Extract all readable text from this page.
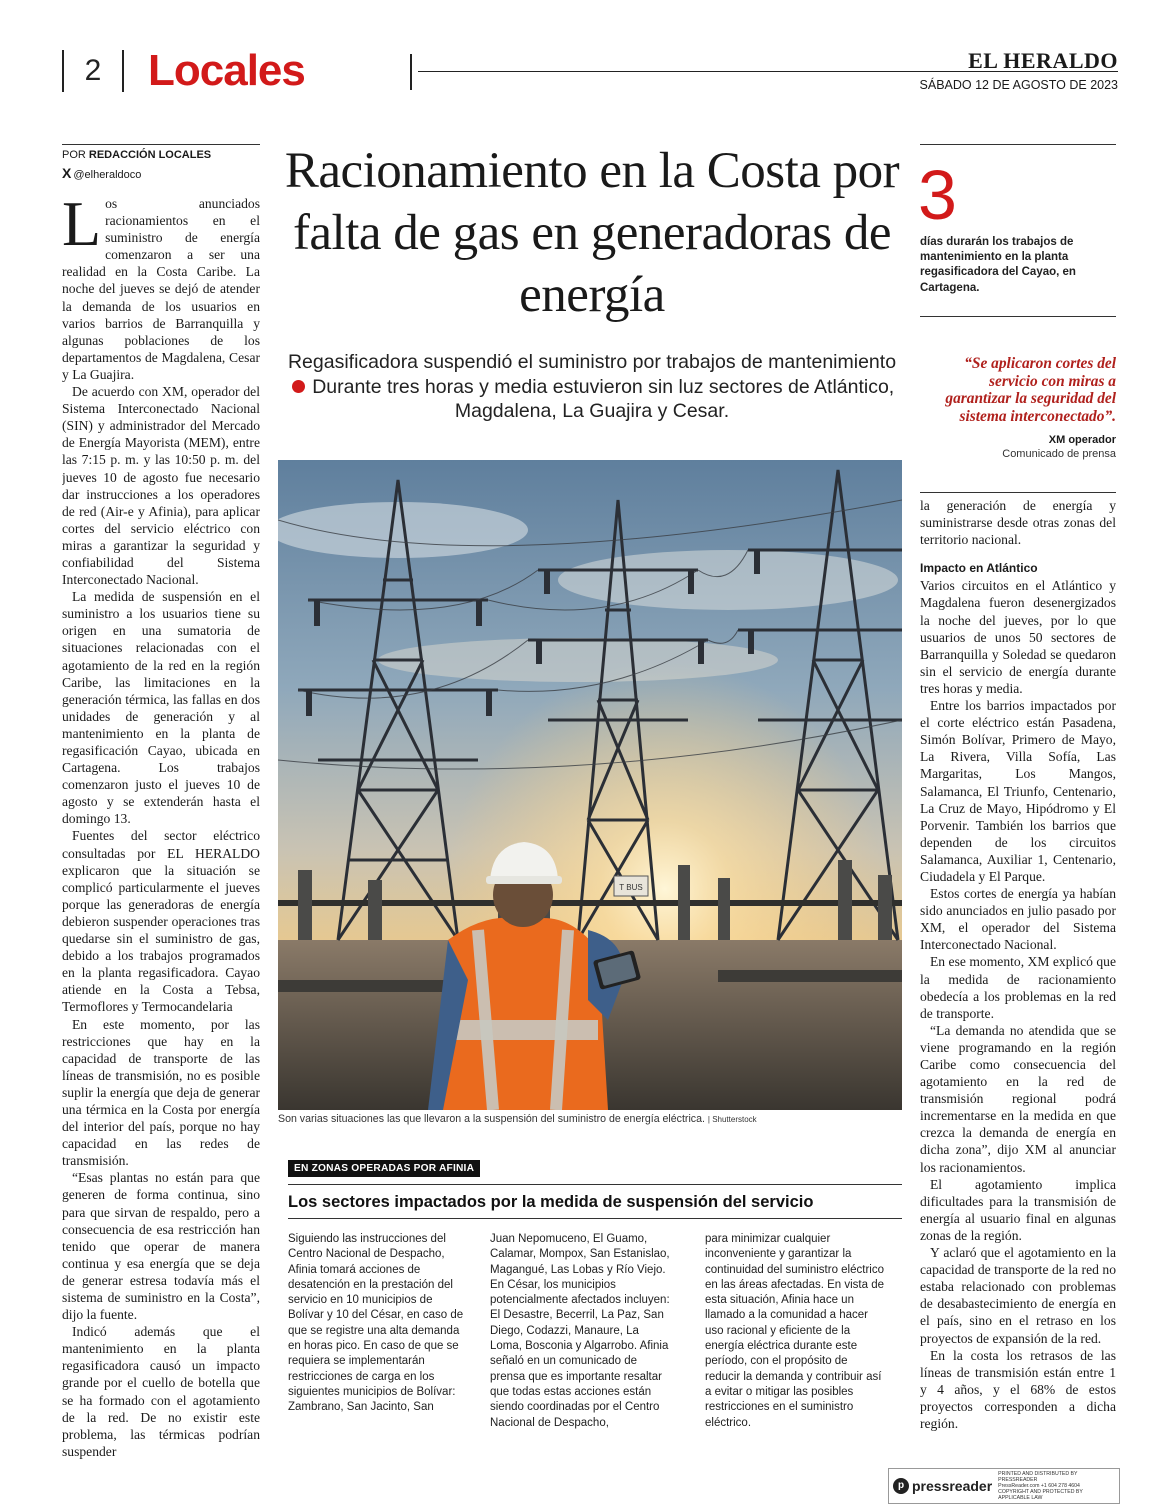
2	Locales	EL HERALDO
SÁBADO 12 DE AGOSTO DE 2023
POR REDACCIÓN LOCALES
X @elheraldoco

Los anunciados racionamientos en el suministro de energía comenzaron a ser una realidad en la Costa Caribe. La noche del jueves se dejó de atender la demanda de los usuarios en varios barrios de Barranquilla y algunas poblaciones de los departamentos de Magdalena, Cesar y La Guajira.

De acuerdo con XM, operador del Sistema Interconectado Nacional (SIN) y administrador del Mercado de Energía Mayorista (MEM), entre las 7:15 p. m. y las 10:50 p. m. del jueves 10 de agosto fue necesario dar instrucciones a los operadores de red (Air-e y Afinia), para aplicar cortes del servicio eléctrico con miras a garantizar la seguridad y confiabilidad del Sistema Interconectado Nacional.

La medida de suspensión en el suministro a los usuarios tiene su origen en una sumatoria de situaciones relacionadas con el agotamiento de la red en la región Caribe, las limitaciones en la generación térmica, las fallas en dos unidades de generación y al mantenimiento en la planta de regasificación Cayao, ubicada en Cartagena. Los trabajos comenzaron justo el jueves 10 de agosto y se extenderán hasta el domingo 13.

Fuentes del sector eléctrico consultadas por EL HERALDO explicaron que la situación se complicó particularmente el jueves porque las generadoras de energía debieron suspender operaciones tras quedarse sin el suministro de gas, debido a los trabajos programados en la planta regasificadora. Cayao atiende en la Costa a Tebsa, Termoflores y Termocandelaria

En este momento, por las restricciones que hay en la capacidad de transporte de las líneas de transmisión, no es posible suplir la energía que deja de generar una térmica en la Costa por energía del interior del país, porque no hay capacidad en las redes de transmisión.

“Esas plantas no están para que generen de forma continua, sino para que sirvan de respaldo, pero a consecuencia de esa restricción han tenido que operar de manera continua y esa energía que se deja de generar estresa todavía más el sistema de suministro en la Costa”, dijo la fuente.

Indicó además que el mantenimiento en la planta regasificadora causó un impacto grande por el cuello de botella que se ha formado con el agotamiento de la red. De no existir este problema, las térmicas podrían suspender

Racionamiento en la Costa por falta de gas en generadoras de energía
Regasificadora suspendió el suministro por trabajos de mantenimiento  Durante tres horas y media estuvieron sin luz sectores de Atlántico, Magdalena, La Guajira y Cesar.
T BUS
Son varias situaciones las que llevaron a la suspensión del suministro de energía eléctrica. | Shutterstock
3
días durarán los trabajos de mantenimiento en la planta regasificadora del Cayao, en Cartagena.
“Se aplicaron cortes del servicio con miras a garantizar la seguridad del sistema interconectado”.
XM operador
Comunicado de prensa

la generación de energía y suministrarse desde otras zonas del territorio nacional.

Impacto en Atlántico

Varios circuitos en el Atlántico y Magdalena fueron desenergizados la noche del jueves, por lo que usuarios de unos 50 sectores de Barranquilla y Soledad se quedaron sin el servicio de energía durante tres horas y media.

Entre los barrios impactados por el corte eléctrico están Pasadena, Simón Bolívar, Primero de Mayo, La Rivera, Villa Sofía, Las Margaritas, Los Mangos, Salamanca, El Triunfo, Centenario, La Cruz de Mayo, Hipódromo y El Porvenir. También los barrios que dependen de los circuitos Salamanca, Auxiliar 1, Centenario, Ciudadela y El Parque.

Estos cortes de energía ya habían sido anunciados en julio pasado por XM, el operador del Sistema Interconectado Nacional.

En ese momento, XM explicó que la medida de racionamiento obedecía a los problemas en la red de transporte.

“La demanda no atendida que se viene programando en la región Caribe como consecuencia del agotamiento en la red de transmisión regional podrá incrementarse en la medida en que crezca la demanda de energía en dicha zona”, dijo XM al anunciar los racionamientos.

El agotamiento implica dificultades para la transmisión de energía al usuario final en algunas zonas de la región.

Y aclaró que el agotamiento en la capacidad de transporte de la red no estaba relacionado con problemas de desabastecimiento de energía en el país, sino en el retraso en los proyectos de expansión de la red.

En la costa los retrasos de las líneas de transmisión están entre 1 y 4 años, y el 68% de estos proyectos corresponden a dicha región.

EN ZONAS OPERADAS POR AFINIA
Los sectores impactados por la medida de suspensión del servicio
Siguiendo las instrucciones del Centro Nacional de Despacho, Afinia tomará acciones de desatención en la prestación del servicio en 10 municipios de Bolívar y 10 del César, en caso de que se registre una alta demanda en horas pico. En caso de que se requiera se implementarán restricciones de carga en los siguientes municipios de Bolívar: Zambrano, San Jacinto, San
Juan Nepomuceno, El Guamo, Calamar, Mompox, San Estanislao, Magangué, Las Lobas y Río Viejo. En César, los municipios potencialmente afectados incluyen: El Desastre, Becerril, La Paz, San Diego, Codazzi, Manaure, La Loma, Bosconia y Algarrobo. Afinia señaló en un comunicado de prensa que es importante resaltar que todas estas acciones están siendo coordinadas por el Centro Nacional de Despacho,
para minimizar cualquier inconveniente y garantizar la continuidad del suministro eléctrico en las áreas afectadas. En vista de esta situación, Afinia hace un llamado a la comunidad a hacer uso racional y eficiente de la energía eléctrica durante este período, con el propósito de reducir la demanda y contribuir así a evitar o mitigar las posibles restricciones en el suministro eléctrico.
p pressreader
PRINTED AND DISTRIBUTED BY PRESSREADER
PressReader.com +1 604 278 4604
COPYRIGHT AND PROTECTED BY APPLICABLE LAW
